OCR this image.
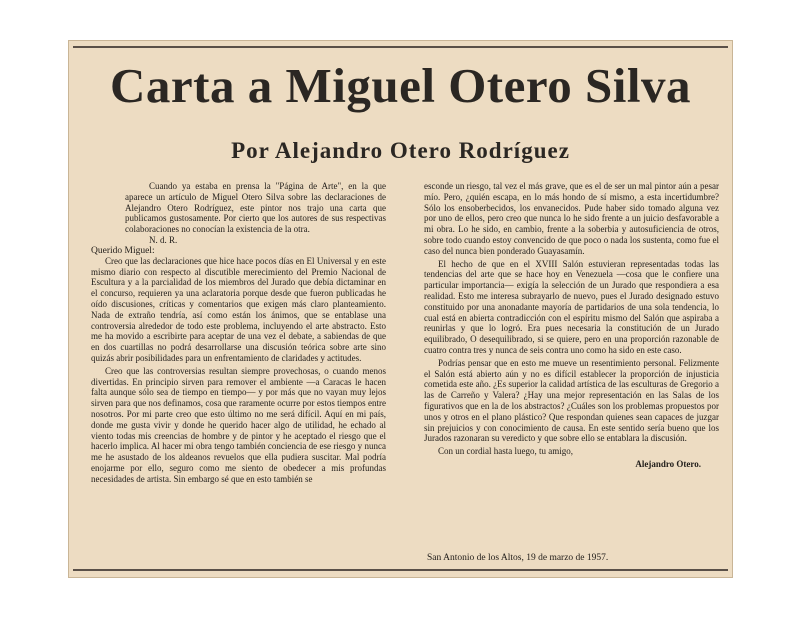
Carta a Miguel Otero Silva
Por Alejandro Otero Rodríguez

Cuando ya estaba en prensa la "Página de Arte", en la que aparece un artículo de Miguel Otero Silva sobre las declaraciones de Alejandro Otero Rodríguez, este pintor nos trajo una carta que publicamos gustosamente. Por cierto que los autores de sus respectivas colaboraciones no conocían la existencia de la otra.

N. d. R.

Querido Miguel:

Creo que las declaraciones que hice hace pocos días en El Universal y en este mismo diario con respecto al discutible merecimiento del Premio Nacional de Escultura y a la parcialidad de los miembros del Jurado que debía dictaminar en el concurso, requieren ya una aclaratoria porque desde que fueron publicadas he oído discusiones, críticas y comentarios que exigen más claro planteamiento. Nada de extraño tendría, así como están los ánimos, que se entablase una controversia alrededor de todo este problema, incluyendo el arte abstracto. Esto me ha movido a escribirte para aceptar de una vez el debate, a sabiendas de que en dos cuartillas no podrá desarrollarse una discusión teórica sobre arte sino quizás abrir posibilidades para un enfrentamiento de claridades y actitudes.

Creo que las controversias resultan siempre provechosas, o cuando menos divertidas. En principio sirven para remover el ambiente —a Caracas le hacen falta aunque sólo sea de tiempo en tiempo— y por más que no vayan muy lejos sirven para que nos definamos, cosa que raramente ocurre por estos tiempos entre nosotros. Por mi parte creo que esto último no me será difícil. Aquí en mi país, donde me gusta vivir y donde he querido hacer algo de utilidad, he echado al viento todas mis creencias de hombre y de pintor y he aceptado el riesgo que el hacerlo implica. Al hacer mi obra tengo también conciencia de ese riesgo y nunca me he asustado de los aldeanos revuelos que ella pudiera suscitar. Mal podría enojarme por ello, seguro como me siento de obedecer a mis profundas necesidades de artista. Sin embargo sé que en esto también se

esconde un riesgo, tal vez el más grave, que es el de ser un mal pintor aún a pesar mío. Pero, ¿quién escapa, en lo más hondo de sí mismo, a esta incertidumbre? Sólo los ensoberbecidos, los envanecidos. Pude haber sido tomado alguna vez por uno de ellos, pero creo que nunca lo he sido frente a un juicio desfavorable a mi obra. Lo he sido, en cambio, frente a la soberbia y autosuficiencia de otros, sobre todo cuando estoy convencido de que poco o nada los sustenta, como fue el caso del nunca bien ponderado Guayasamín.

El hecho de que en el XVIII Salón estuvieran representadas todas las tendencias del arte que se hace hoy en Venezuela —cosa que le confiere una particular importancia— exigía la selección de un Jurado que respondiera a esa realidad. Esto me interesa subrayarlo de nuevo, pues el Jurado designado estuvo constituido por una anonadante mayoría de partidarios de una sola tendencia, lo cual está en abierta contradicción con el espíritu mismo del Salón que aspiraba a reunirlas y que lo logró. Era pues necesaria la constitución de un Jurado equilibrado, O desequilibrado, si se quiere, pero en una proporción razonable de cuatro contra tres y nunca de seis contra uno como ha sido en este caso.

Podrías pensar que en esto me mueve un resentimiento personal. Felizmente el Salón está abierto aún y no es difícil establecer la proporción de injusticia cometida este año. ¿Es superior la calidad artística de las esculturas de Gregorio a las de Carreño y Valera? ¿Hay una mejor representación en las Salas de los figurativos que en la de los abstractos? ¿Cuáles son los problemas propuestos por unos y otros en el plano plástico? Que respondan quienes sean capaces de juzgar sin prejuicios y con conocimiento de causa. En este sentido sería bueno que los Jurados razonaran su veredicto y que sobre ello se entablara la discusión.

Con un cordial hasta luego, tu amigo,

Alejandro Otero.

San Antonio de los Altos, 19 de marzo de 1957.
